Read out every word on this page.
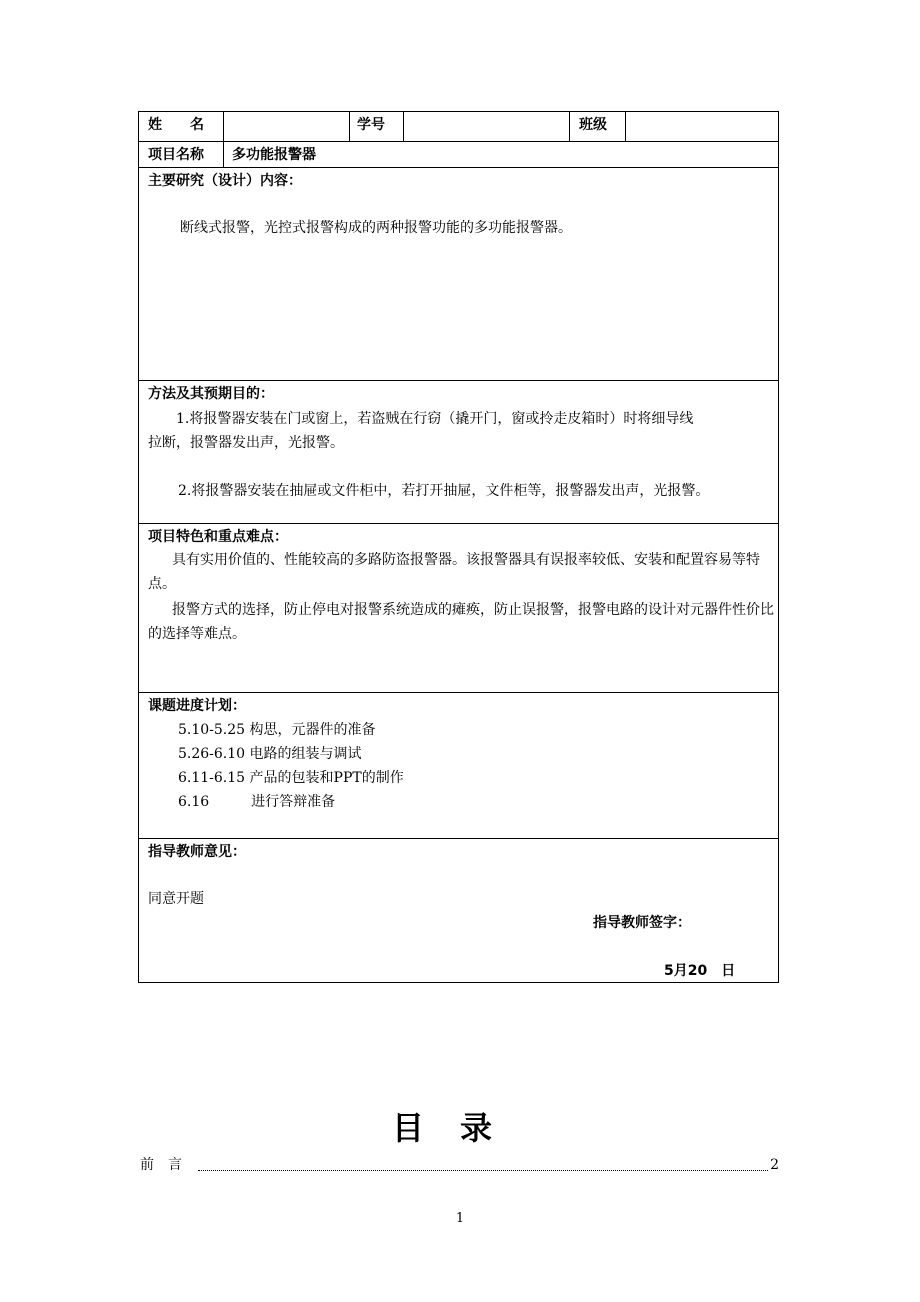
姓　　名	学号	班级
项目名称 多功能报警器
主要研究（设计）内容：
断线式报警，光控式报警构成的两种报警功能的多功能报警器。
方法及其预期目的：
1.将报警器安装在门或窗上，若盗贼在行窃（撬开门，窗或拎走皮箱时）时将细导线
拉断，报警器发出声，光报警。
2.将报警器安装在抽屉或文件柜中，若打开抽屉，文件柜等，报警器发出声，光报警。
项目特色和重点难点：
具有实用价值的、性能较高的多路防盗报警器。该报警器具有误报率较低、安装和配置容易等特点。
报警方式的选择，防止停电对报警系统造成的瘫痪，防止误报警，报警电路的设计对元器件性价比的选择等难点。
课题进度计划：
5.10-5.25 构思，元器件的准备
5.26-6.10 电路的组装与调试
6.11-6.15 产品的包装和PPT的制作
6.16　　　进行答辩准备
指导教师意见：
同意开题
指导教师签字：
5月20　日
目录
前言	2
1
